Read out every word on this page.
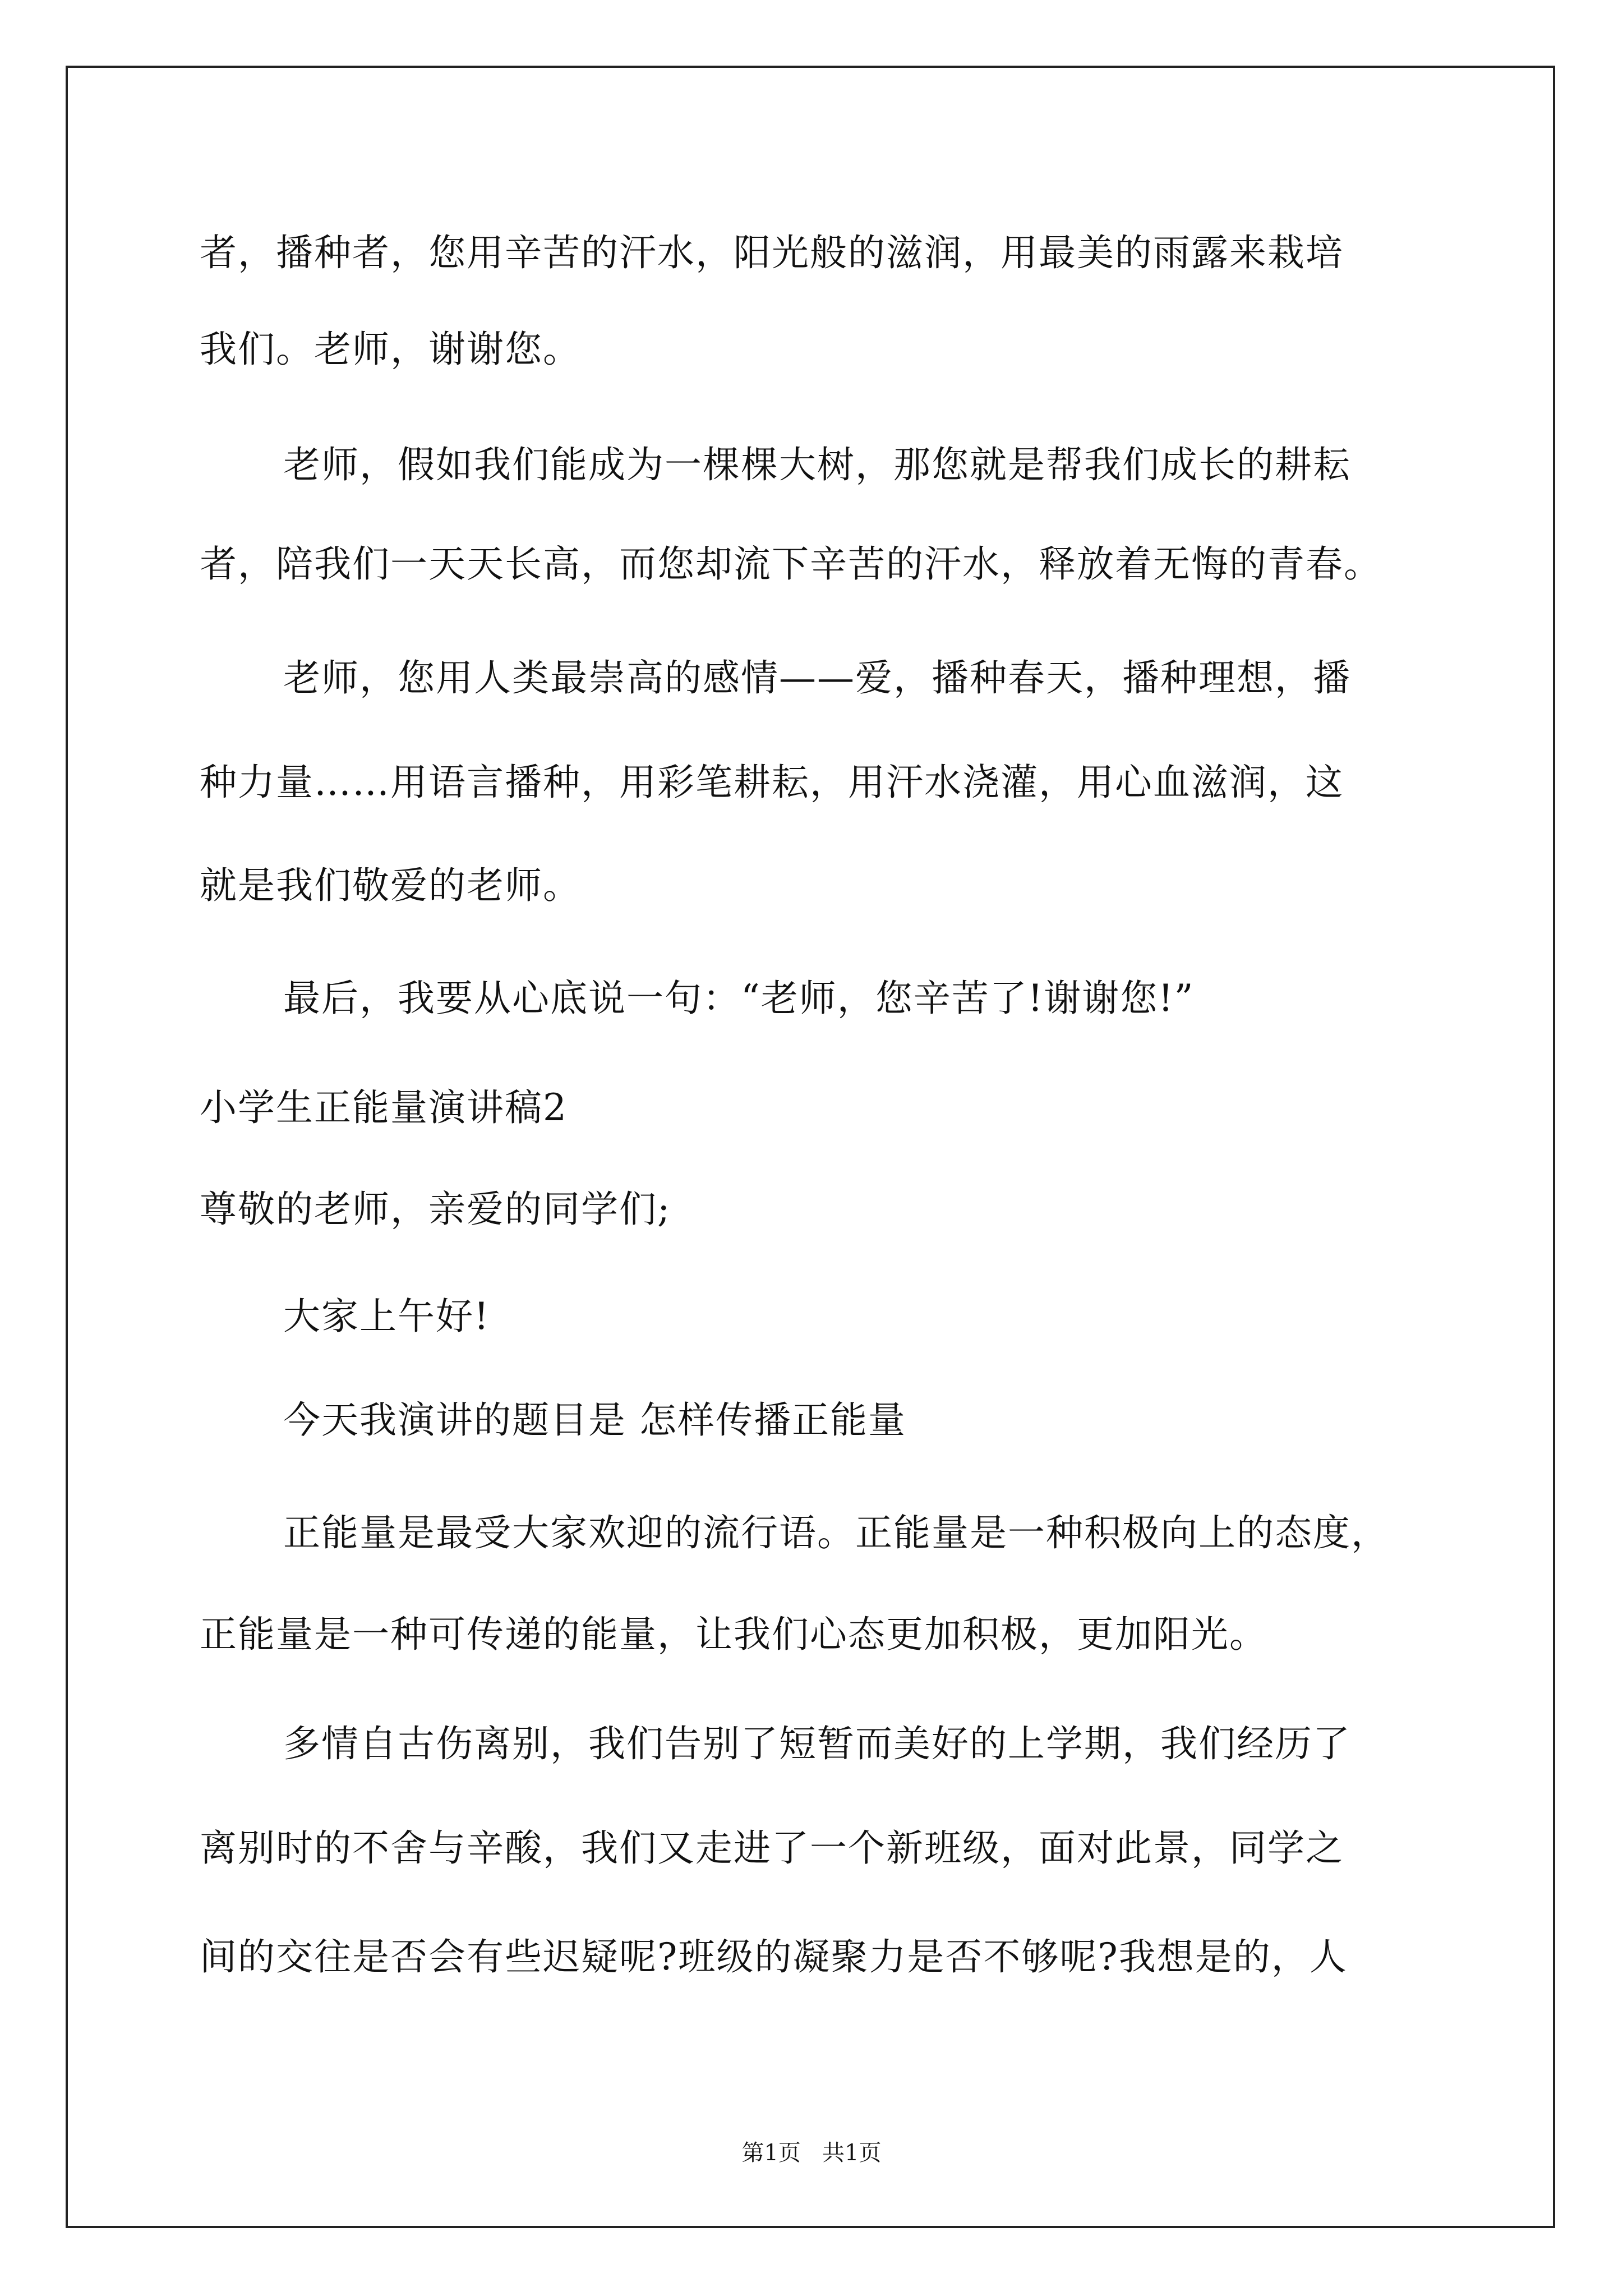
者，播种者，您用辛苦的汗水，阳光般的滋润，用最美的雨露来栽培
我们。老师，谢谢您。
老师，假如我们能成为一棵棵大树，那您就是帮我们成长的耕耘
者，陪我们一天天长高，而您却流下辛苦的汗水，释放着无悔的青春。
老师，您用人类最崇高的感情——爱，播种春天，播种理想，播
种力量……用语言播种，用彩笔耕耘，用汗水浇灌，用心血滋润，这
就是我们敬爱的老师。
最后，我要从心底说一句：“老师，您辛苦了!谢谢您!”
小学生正能量演讲稿2
尊敬的老师，亲爱的同学们;
大家上午好!
今天我演讲的题目是 怎样传播正能量
正能量是最受大家欢迎的流行语。正能量是一种积极向上的态度，
正能量是一种可传递的能量，让我们心态更加积极，更加阳光。
多情自古伤离别，我们告别了短暂而美好的上学期，我们经历了
离别时的不舍与辛酸，我们又走进了一个新班级，面对此景，同学之
间的交往是否会有些迟疑呢?班级的凝聚力是否不够呢?我想是的，人
第1页   共1页
